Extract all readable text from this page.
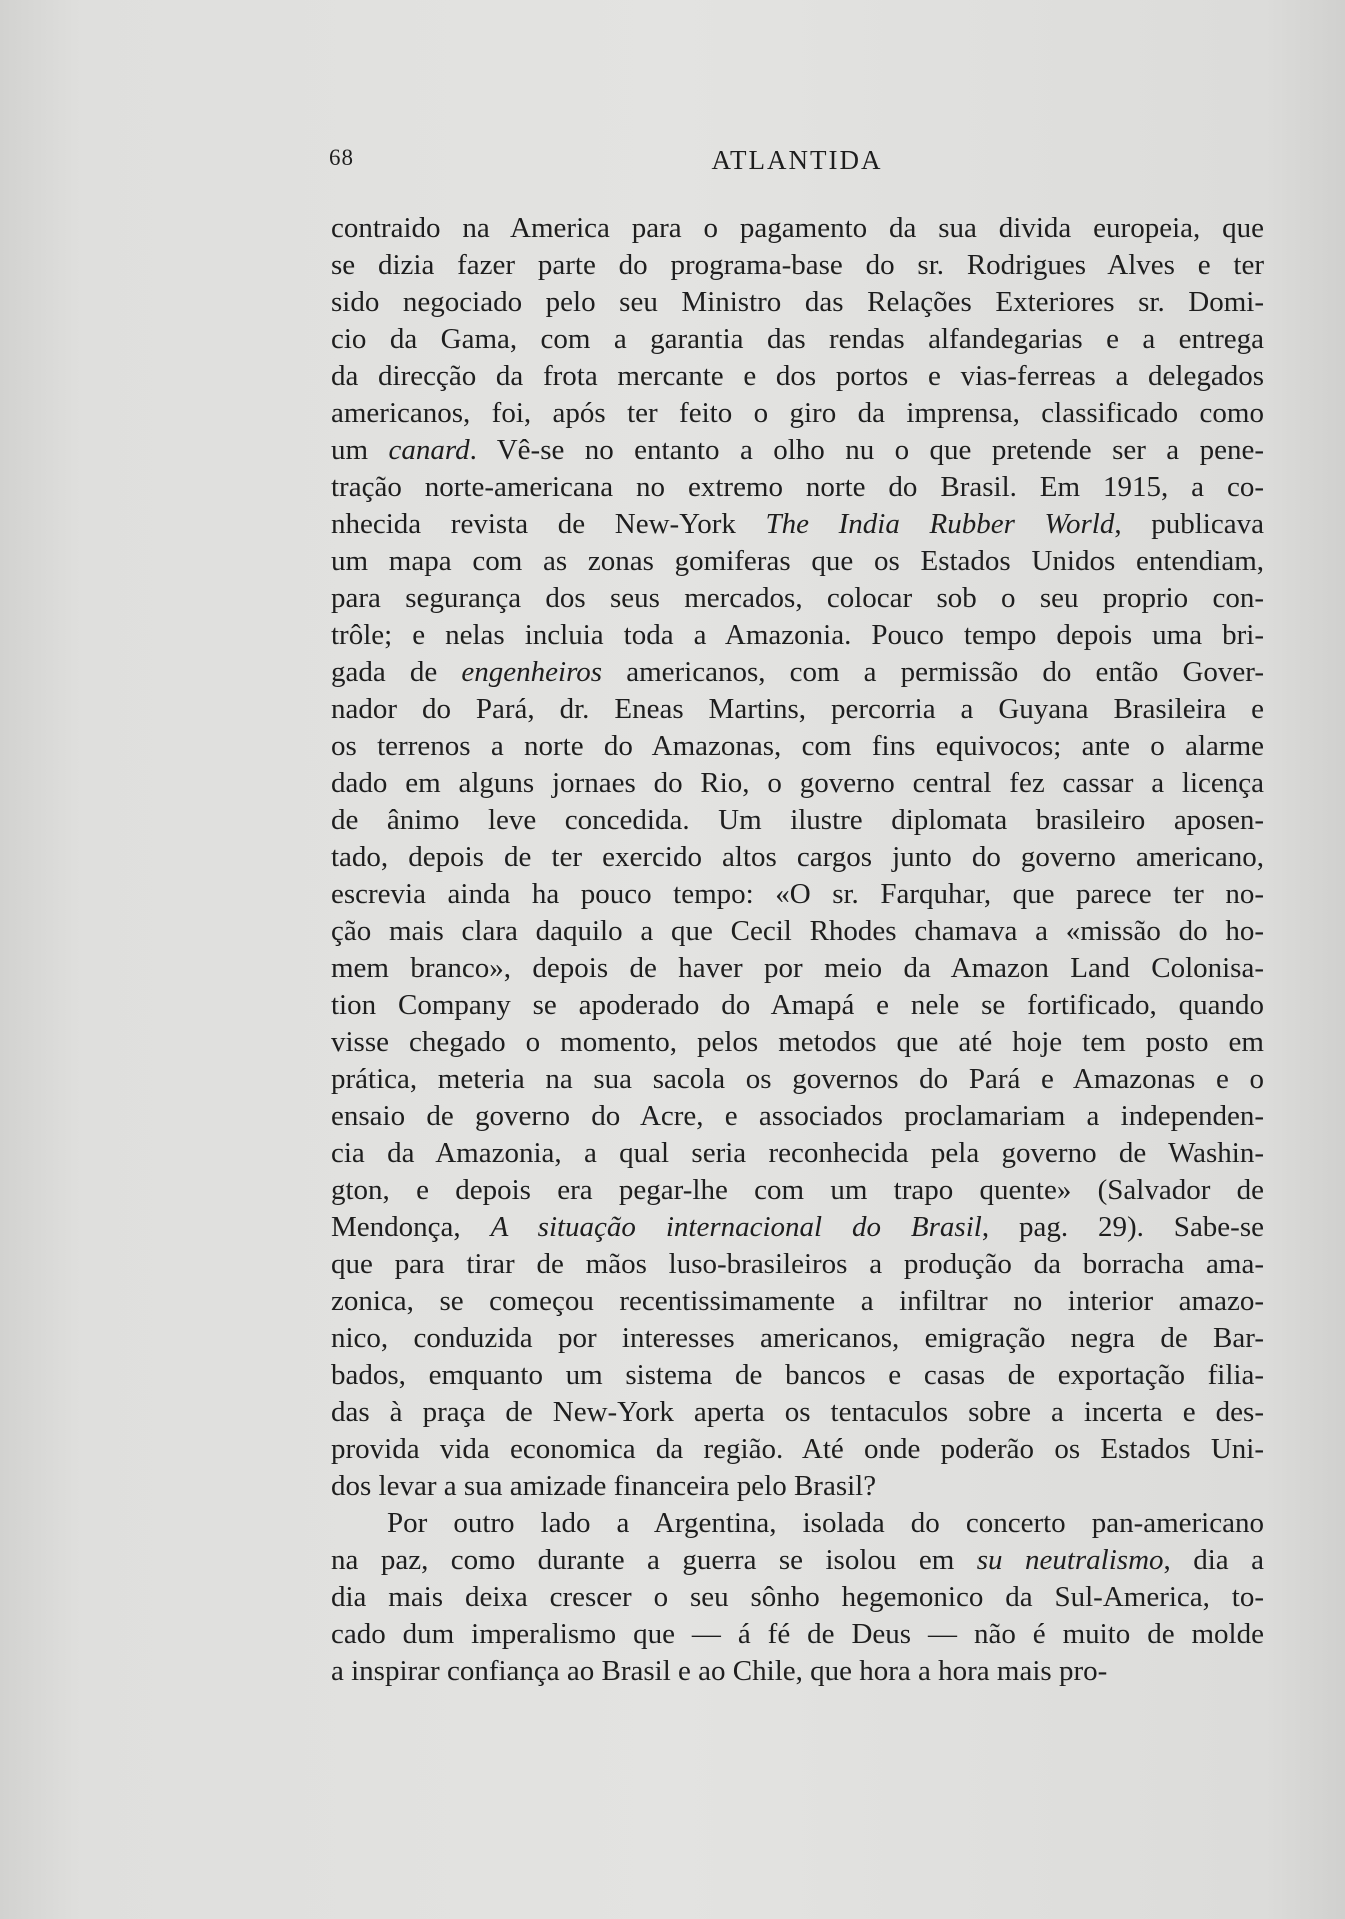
68	ATLANTIDA
contraido na America para o pagamento da sua divida europeia, que
se dizia fazer parte do programa-base do sr. Rodrigues Alves e ter
sido negociado pelo seu Ministro das Relações Exteriores sr. Domi-
cio da Gama, com a garantia das rendas alfandegarias e a entrega
da direcção da frota mercante e dos portos e vias-ferreas a delegados
americanos, foi, após ter feito o giro da imprensa, classificado como
um canard. Vê-se no entanto a olho nu o que pretende ser a pene-
tração norte-americana no extremo norte do Brasil. Em 1915, a co-
nhecida revista de New-York The India Rubber World, publicava
um mapa com as zonas gomiferas que os Estados Unidos entendiam,
para segurança dos seus mercados, colocar sob o seu proprio con-
trôle; e nelas incluia toda a Amazonia. Pouco tempo depois uma bri-
gada de engenheiros americanos, com a permissão do então Gover-
nador do Pará, dr. Eneas Martins, percorria a Guyana Brasileira e
os terrenos a norte do Amazonas, com fins equivocos; ante o alarme
dado em alguns jornaes do Rio, o governo central fez cassar a licença
de ânimo leve concedida. Um ilustre diplomata brasileiro aposen-
tado, depois de ter exercido altos cargos junto do governo americano,
escrevia ainda ha pouco tempo: «O sr. Farquhar, que parece ter no-
ção mais clara daquilo a que Cecil Rhodes chamava a «missão do ho-
mem branco», depois de haver por meio da Amazon Land Colonisa-
tion Company se apoderado do Amapá e nele se fortificado, quando
visse chegado o momento, pelos metodos que até hoje tem posto em
prática, meteria na sua sacola os governos do Pará e Amazonas e o
ensaio de governo do Acre, e associados proclamariam a independen-
cia da Amazonia, a qual seria reconhecida pela governo de Washin-
gton, e depois era pegar-lhe com um trapo quente» (Salvador de
Mendonça, A situação internacional do Brasil, pag. 29). Sabe-se
que para tirar de mãos luso-brasileiros a produção da borracha ama-
zonica, se começou recentissimamente a infiltrar no interior amazo-
nico, conduzida por interesses americanos, emigração negra de Bar-
bados, emquanto um sistema de bancos e casas de exportação filia-
das à praça de New-York aperta os tentaculos sobre a incerta e des-
provida vida economica da região. Até onde poderão os Estados Uni-
dos levar a sua amizade financeira pelo Brasil?
Por outro lado a Argentina, isolada do concerto pan-americano
na paz, como durante a guerra se isolou em su neutralismo, dia a
dia mais deixa crescer o seu sônho hegemonico da Sul-America, to-
cado dum imperalismo que — á fé de Deus — não é muito de molde
a inspirar confiança ao Brasil e ao Chile, que hora a hora mais pro-
